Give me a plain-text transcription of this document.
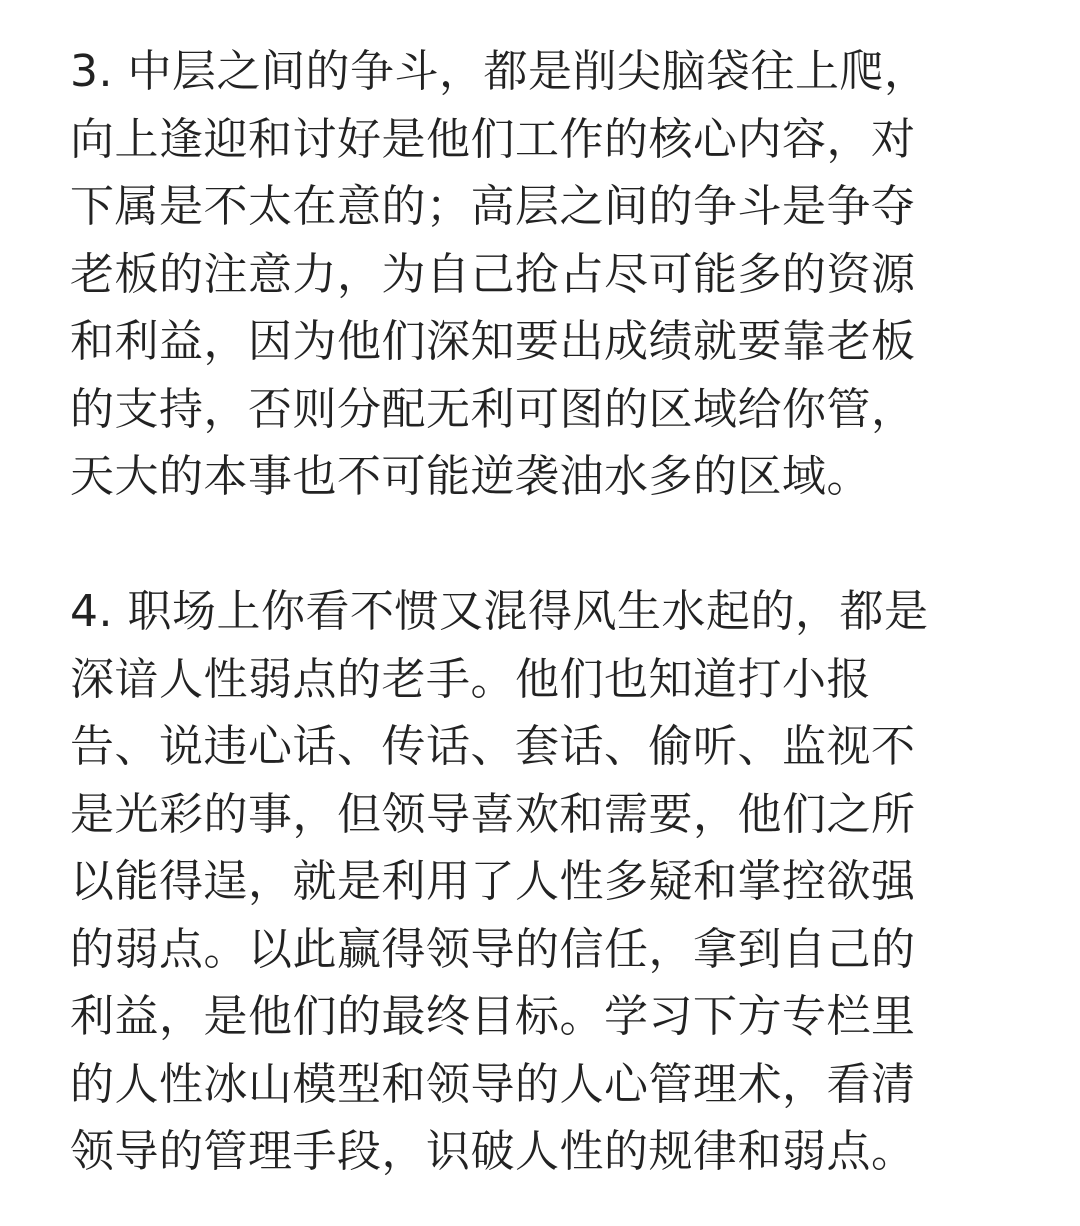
3. 中层之间的争斗，都是削尖脑袋往上爬，
向上逢迎和讨好是他们工作的核心内容，对
下属是不太在意的；高层之间的争斗是争夺
老板的注意力，为自己抢占尽可能多的资源
和利益，因为他们深知要出成绩就要靠老板
的支持，否则分配无利可图的区域给你管，
天大的本事也不可能逆袭油水多的区域。
4. 职场上你看不惯又混得风生水起的，都是
深谙人性弱点的老手。他们也知道打小报
告、说违心话、传话、套话、偷听、监视不
是光彩的事，但领导喜欢和需要，他们之所
以能得逞，就是利用了人性多疑和掌控欲强
的弱点。以此赢得领导的信任，拿到自己的
利益，是他们的最终目标。学习下方专栏里
的人性冰山模型和领导的人心管理术，看清
领导的管理手段，识破人性的规律和弱点。
